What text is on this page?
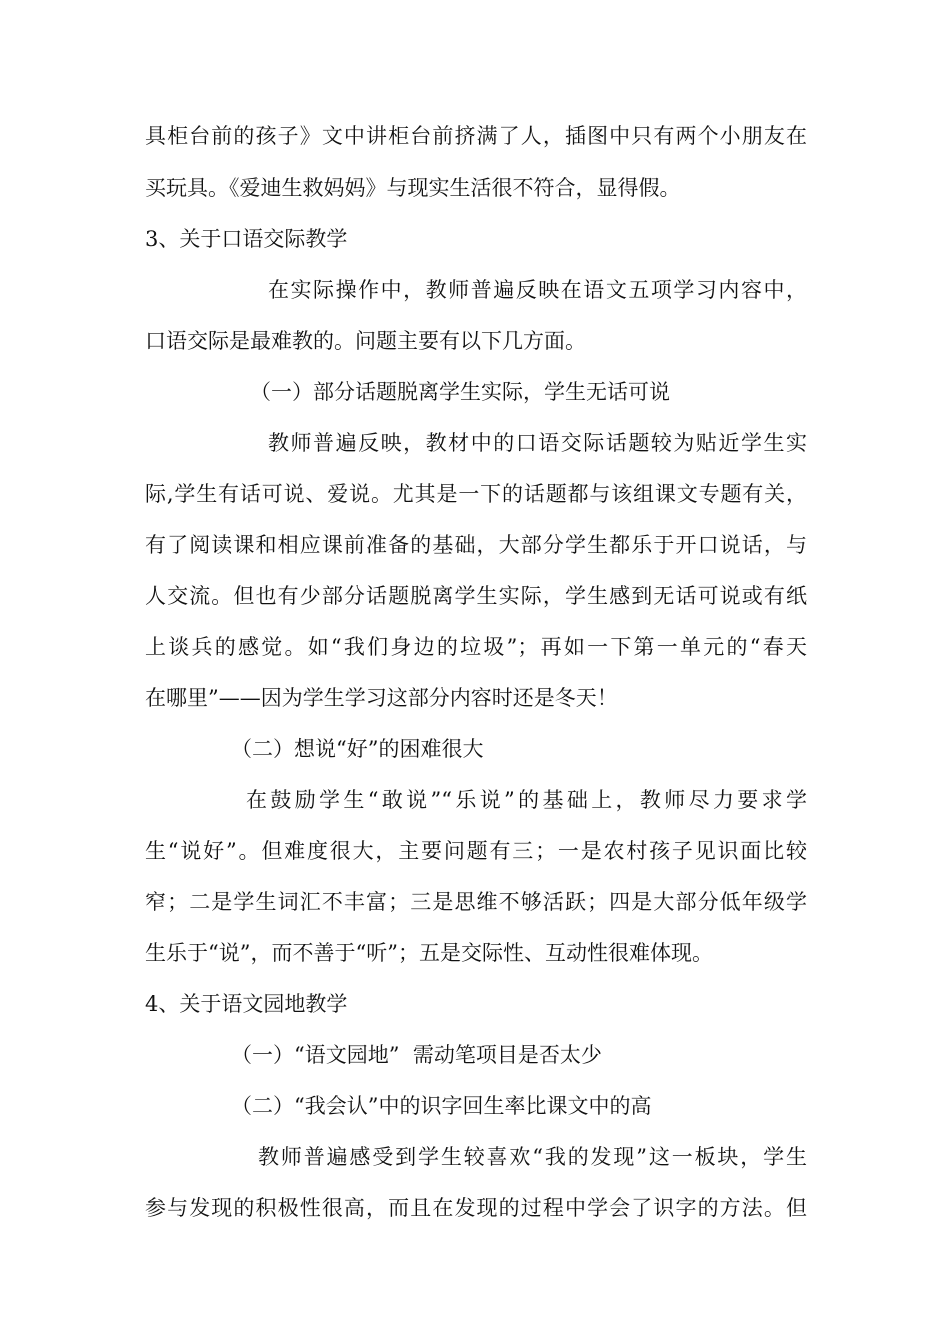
具柜台前的孩子》文中讲柜台前挤满了人，插图中只有两个小朋友在

买玩具。《爱迪生救妈妈》与现实生活很不符合，显得假。

3、关于口语交际教学

在实际操作中，教师普遍反映在语文五项学习内容中，

口语交际是最难教的。问题主要有以下几方面。

（一）部分话题脱离学生实际，学生无话可说

教师普遍反映，教材中的口语交际话题较为贴近学生实

际,学生有话可说、爱说。尤其是一下的话题都与该组课文专题有关，

有了阅读课和相应课前准备的基础，大部分学生都乐于开口说话，与

人交流。但也有少部分话题脱离学生实际，学生感到无话可说或有纸

上谈兵的感觉。如“我们身边的垃圾”；再如一下第一单元的“春天

在哪里”——因为学生学习这部分内容时还是冬天！

（二）想说“好”的困难很大

在鼓励学生“敢说”“乐说”的基础上，教师尽力要求学

生“说好”。但难度很大，主要问题有三；一是农村孩子见识面比较

窄；二是学生词汇不丰富；三是思维不够活跃；四是大部分低年级学

生乐于“说”，而不善于“听”；五是交际性、互动性很难体现。

4、关于语文园地教学

（一）“语文园地”  需动笔项目是否太少

（二）“我会认”中的识字回生率比课文中的高

教师普遍感受到学生较喜欢“我的发现”这一板块，学生

参与发现的积极性很高，而且在发现的过程中学会了识字的方法。但
